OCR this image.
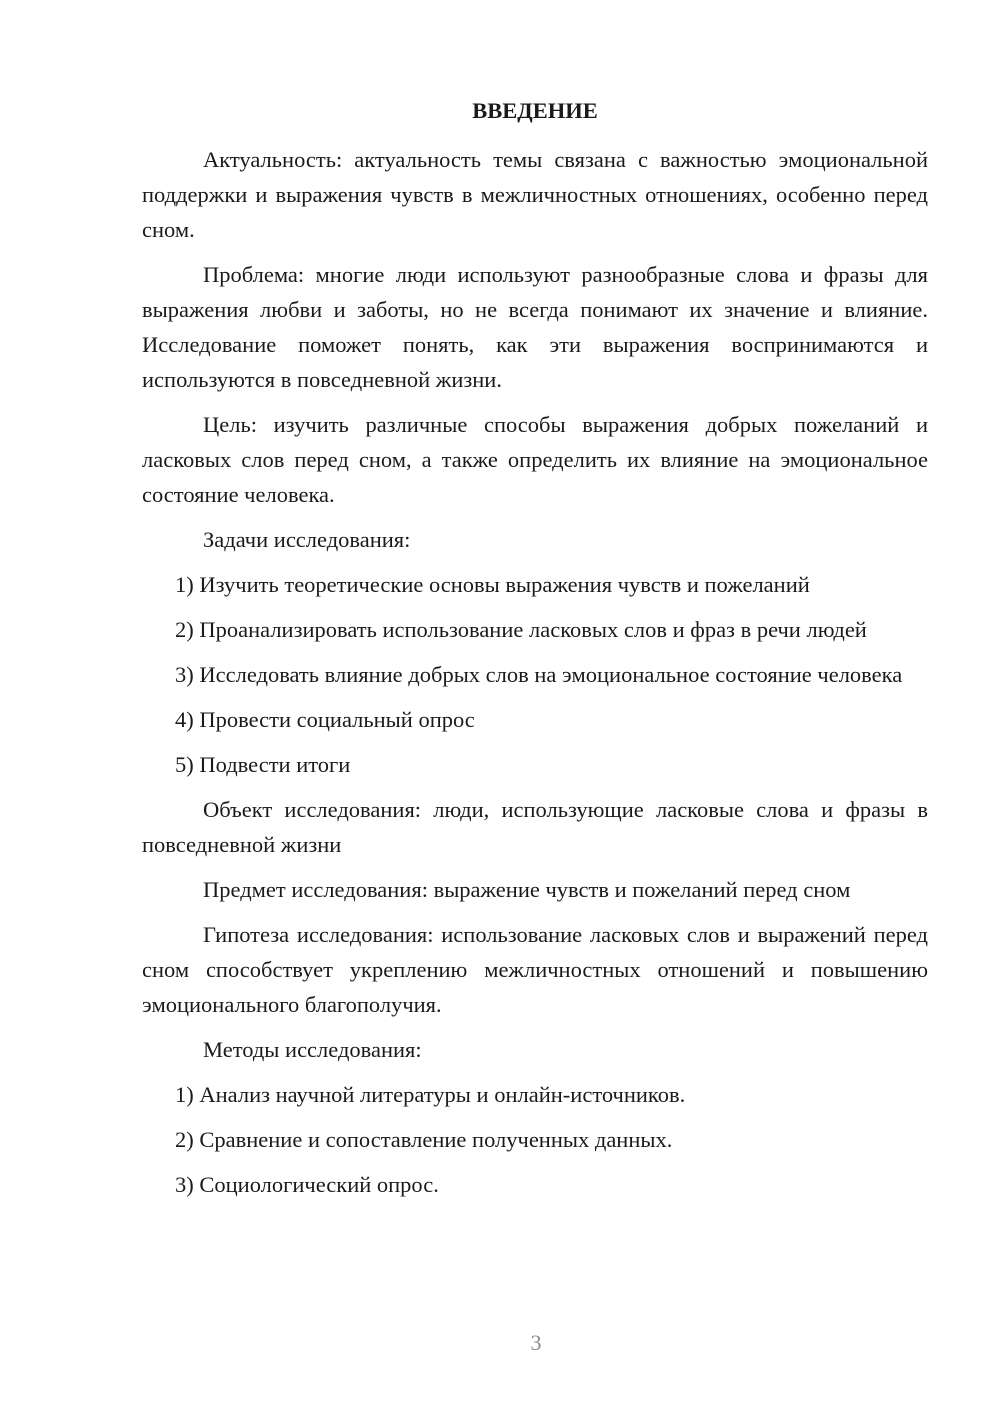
ВВЕДЕНИЕ
Актуальность: актуальность темы связана с важностью эмоциональной поддержки и выражения чувств в межличностных отношениях, особенно перед сном.
Проблема: многие люди используют разнообразные слова и фразы для выражения любви и заботы, но не всегда понимают их значение и влияние. Исследование поможет понять, как эти выражения воспринимаются и используются в повседневной жизни.
Цель: изучить различные способы выражения добрых пожеланий и ласковых слов перед сном, а также определить их влияние на эмоциональное состояние человека.
Задачи исследования:
1) Изучить теоретические основы выражения чувств и пожеланий
2) Проанализировать использование ласковых слов и фраз в речи людей
3) Исследовать влияние добрых слов на эмоциональное состояние человека
4) Провести социальный опрос
5) Подвести итоги
Объект исследования: люди, использующие ласковые слова и фразы в повседневной жизни
Предмет исследования: выражение чувств и пожеланий перед сном
Гипотеза исследования: использование ласковых слов и выражений перед сном способствует укреплению межличностных отношений и повышению эмоционального благополучия.
Методы исследования:
1) Анализ научной литературы и онлайн-источников.
2) Сравнение и сопоставление полученных данных.
3) Социологический опрос.
3
